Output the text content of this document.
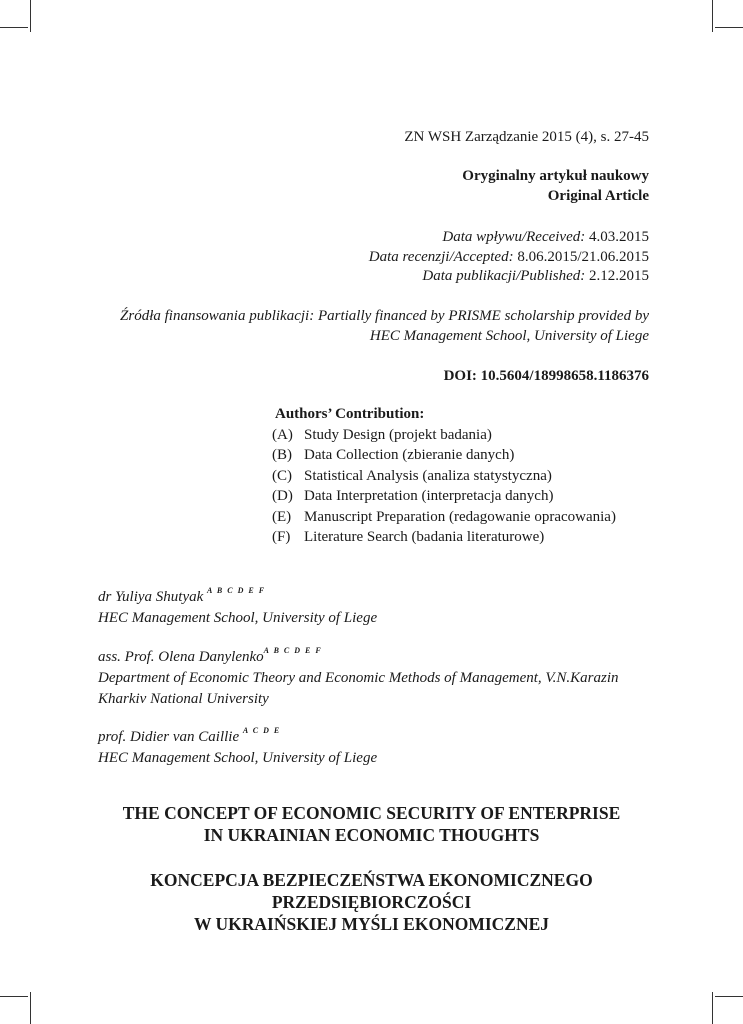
ZN WSH Zarządzanie 2015 (4), s. 27-45
Oryginalny artykuł naukowy
Original Article
Data wpływu/Received: 4.03.2015
Data recenzji/Accepted: 8.06.2015/21.06.2015
Data publikacji/Published: 2.12.2015
Źródła finansowania publikacji: Partially financed by PRISME scholarship provided by
HEC Management School, University of Liege
DOI: 10.5604/18998658.1186376
Authors’ Contribution:
(A) Study Design (projekt badania)
(B) Data Collection (zbieranie danych)
(C) Statistical Analysis (analiza statystyczna)
(D) Data Interpretation (interpretacja danych)
(E) Manuscript Preparation (redagowanie opracowania)
(F) Literature Search (badania literaturowe)
dr Yuliya Shutyak $^{A B C D E F}$
HEC Management School, University of Liege
ass. Prof. Olena Danylenko$^{A B C D E F}$
Department of Economic Theory and Economic Methods of Management, V.N.Karazin
Kharkiv National University
prof. Didier van Caillie $^{A C D E}$
HEC Management School, University of Liege
THE CONCEPT OF ECONOMIC SECURITY OF ENTERPRISE
IN UKRAINIAN ECONOMIC THOUGHTS
KONCEPCJA BEZPIECZEŃSTWA EKONOMICZNEGO
PRZEDSIĘBIORCZOŚCI
W UKRAIŃSKIEJ MYŚLI EKONOMICZNEJ
